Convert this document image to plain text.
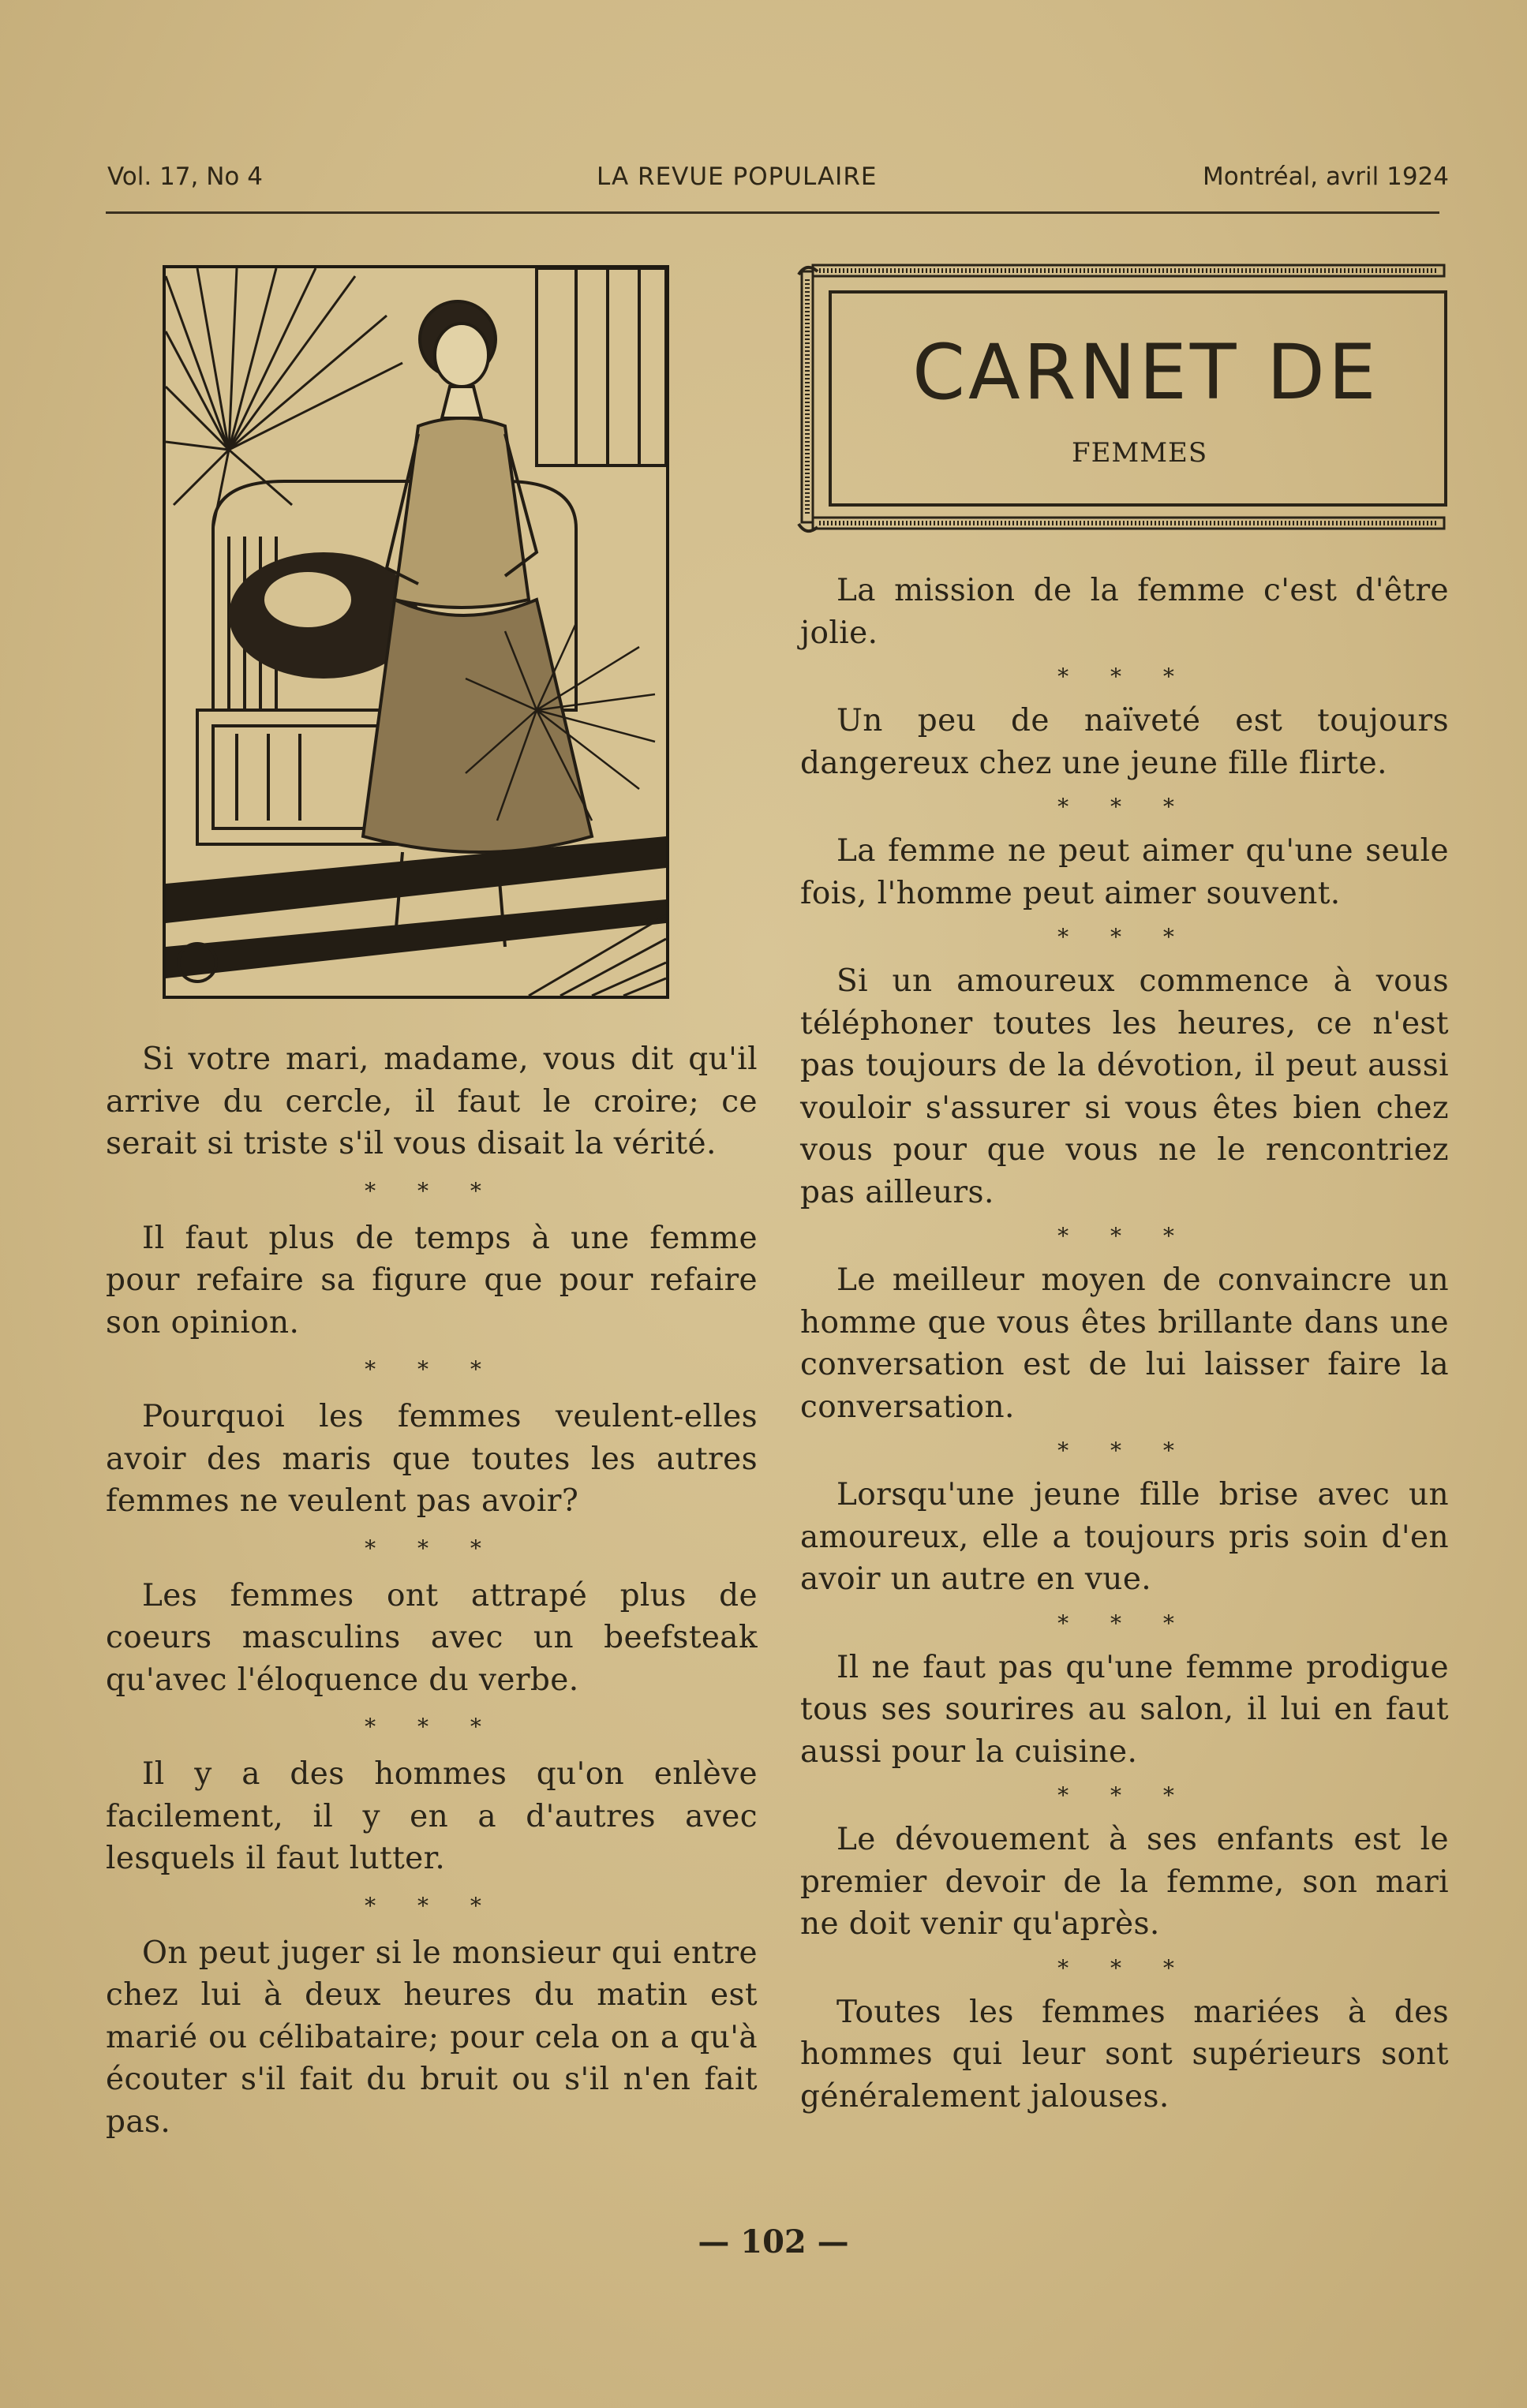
Vol. 17, No 4	LA REVUE POPULAIRE	Montréal, avril 1924
CARNET DE
FEMMES

Si votre mari, madame, vous dit qu'il arrive du cercle, il faut le croire; ce serait si triste s'il vous disait la vérité.

* * *

Il faut plus de temps à une femme pour refaire sa figure que pour refaire son opinion.

* * *

Pourquoi les femmes veulent-elles avoir des maris que toutes les autres femmes ne veulent pas avoir?

* * *

Les femmes ont attrapé plus de coeurs masculins avec un beefsteak qu'avec l'éloquence du verbe.

* * *

Il y a des hommes qu'on enlève facilement, il y en a d'autres avec lesquels il faut lutter.

* * *

On peut juger si le monsieur qui entre chez lui à deux heures du matin est marié ou célibataire; pour cela on a qu'à écouter s'il fait du bruit ou s'il n'en fait pas.

La mission de la femme c'est d'être jolie.

* * *

Un peu de naïveté est toujours dangereux chez une jeune fille flirte.

* * *

La femme ne peut aimer qu'une seule fois, l'homme peut aimer souvent.

* * *

Si un amoureux commence à vous téléphoner toutes les heures, ce n'est pas toujours de la dévotion, il peut aussi vouloir s'assurer si vous êtes bien chez vous pour que vous ne le rencontriez pas ailleurs.

* * *

Le meilleur moyen de convaincre un homme que vous êtes brillante dans une conversation est de lui laisser faire la conversation.

* * *

Lorsqu'une jeune fille brise avec un amoureux, elle a toujours pris soin d'en avoir un autre en vue.

* * *

Il ne faut pas qu'une femme prodigue tous ses sourires au salon, il lui en faut aussi pour la cuisine.

* * *

Le dévouement à ses enfants est le premier devoir de la femme, son mari ne doit venir qu'après.

* * *

Toutes les femmes mariées à des hommes qui leur sont supérieurs sont généralement jalouses.

— 102 —
